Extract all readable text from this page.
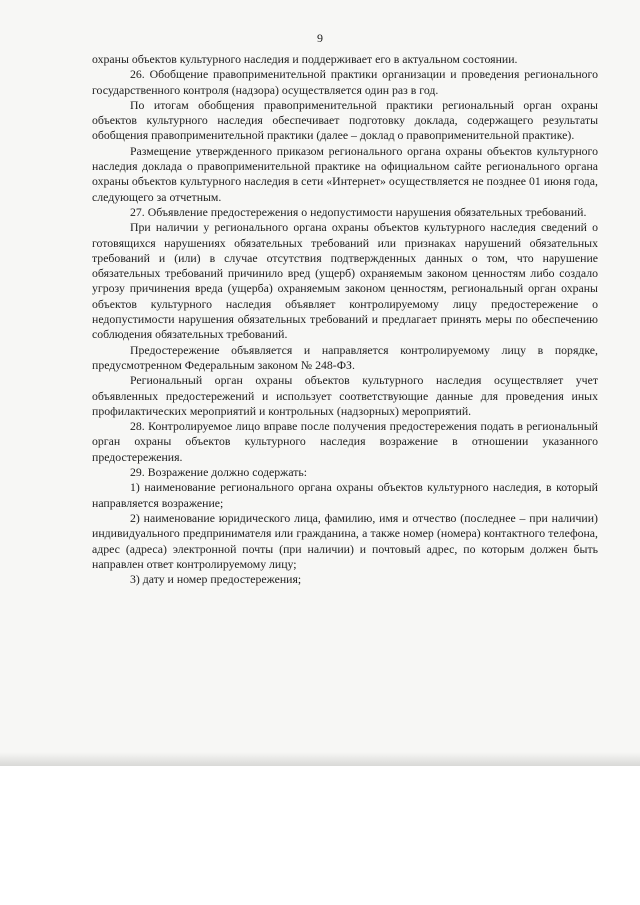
9

охраны объектов культурного наследия и поддерживает его в актуальном состоянии.

26. Обобщение правоприменительной практики организации и проведения регионального государственного контроля (надзора) осуществляется один раз в год.

По итогам обобщения правоприменительной практики региональный орган охраны объектов культурного наследия обеспечивает подготовку доклада, содержащего результаты обобщения правоприменительной практики (далее – доклад о правоприменительной практике).

Размещение утвержденного приказом регионального органа охраны объектов культурного наследия доклада о правоприменительной практике на официальном сайте регионального органа охраны объектов культурного наследия в сети «Интернет» осуществляется не позднее 01 июня года, следующего за отчетным.

27. Объявление предостережения о недопустимости нарушения обязательных требований.

При наличии у регионального органа охраны объектов культурного наследия сведений о готовящихся нарушениях обязательных требований или признаках нарушений обязательных требований и (или) в случае отсутствия подтвержденных данных о том, что нарушение обязательных требований причинило вред (ущерб) охраняемым законом ценностям либо создало угрозу причинения вреда (ущерба) охраняемым законом ценностям, региональный орган охраны объектов культурного наследия объявляет контролируемому лицу предостережение о недопустимости нарушения обязательных требований и предлагает принять меры по обеспечению соблюдения обязательных требований.

Предостережение объявляется и направляется контролируемому лицу в порядке, предусмотренном Федеральным законом № 248-ФЗ.

Региональный орган охраны объектов культурного наследия осуществляет учет объявленных предостережений и использует соответствующие данные для проведения иных профилактических мероприятий и контрольных (надзорных) мероприятий.

28. Контролируемое лицо вправе после получения предостережения подать в региональный орган охраны объектов культурного наследия возражение в отношении указанного предостережения.

29. Возражение должно содержать:

1) наименование регионального органа охраны объектов культурного наследия, в который направляется возражение;

2) наименование юридического лица, фамилию, имя и отчество (последнее – при наличии) индивидуального предпринимателя или гражданина, а также номер (номера) контактного телефона, адрес (адреса) электронной почты (при наличии) и почтовый адрес, по которым должен быть направлен ответ контролируемому лицу;

3) дату и номер предостережения;
